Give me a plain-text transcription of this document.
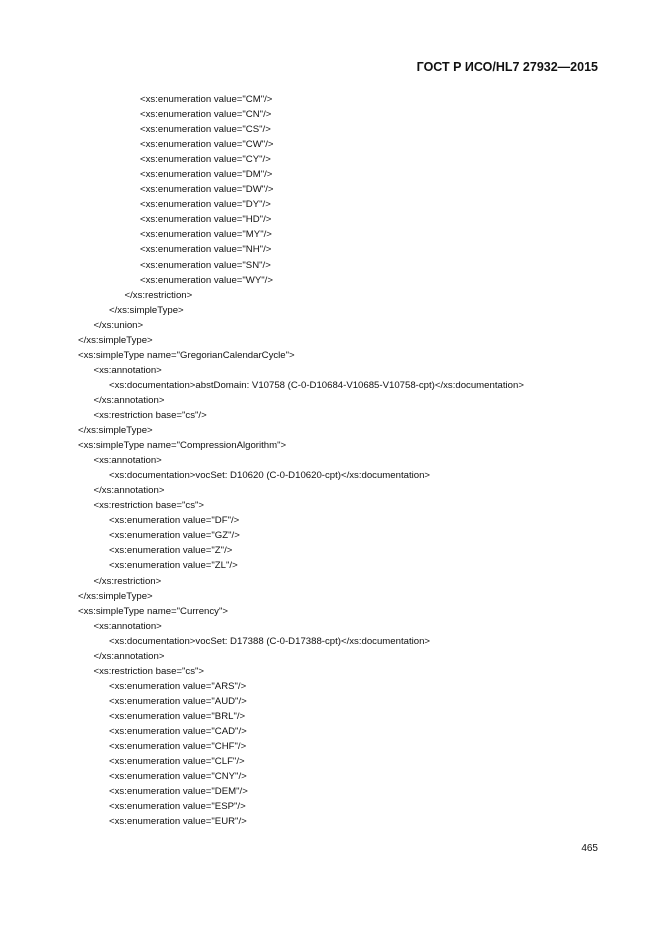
ГОСТ Р ИСО/HL7 27932—2015
<xs:enumeration value="CM"/>
<xs:enumeration value="CN"/>
<xs:enumeration value="CS"/>
<xs:enumeration value="CW"/>
<xs:enumeration value="CY"/>
<xs:enumeration value="DM"/>
<xs:enumeration value="DW"/>
<xs:enumeration value="DY"/>
<xs:enumeration value="HD"/>
<xs:enumeration value="MY"/>
<xs:enumeration value="NH"/>
<xs:enumeration value="SN"/>
<xs:enumeration value="WY"/>
</xs:restriction>
</xs:simpleType>
</xs:union>
</xs:simpleType>
<xs:simpleType name="GregorianCalendarCycle">
<xs:annotation>
<xs:documentation>abstDomain: V10758 (C-0-D10684-V10685-V10758-cpt)</xs:documentation>
</xs:annotation>
<xs:restriction base="cs"/>
</xs:simpleType>
<xs:simpleType name="CompressionAlgorithm">
<xs:annotation>
<xs:documentation>vocSet: D10620 (C-0-D10620-cpt)</xs:documentation>
</xs:annotation>
<xs:restriction base="cs">
<xs:enumeration value="DF"/>
<xs:enumeration value="GZ"/>
<xs:enumeration value="Z"/>
<xs:enumeration value="ZL"/>
</xs:restriction>
</xs:simpleType>
<xs:simpleType name="Currency">
<xs:annotation>
<xs:documentation>vocSet: D17388 (C-0-D17388-cpt)</xs:documentation>
</xs:annotation>
<xs:restriction base="cs">
<xs:enumeration value="ARS"/>
<xs:enumeration value="AUD"/>
<xs:enumeration value="BRL"/>
<xs:enumeration value="CAD"/>
<xs:enumeration value="CHF"/>
<xs:enumeration value="CLF"/>
<xs:enumeration value="CNY"/>
<xs:enumeration value="DEM"/>
<xs:enumeration value="ESP"/>
<xs:enumeration value="EUR"/>
465
